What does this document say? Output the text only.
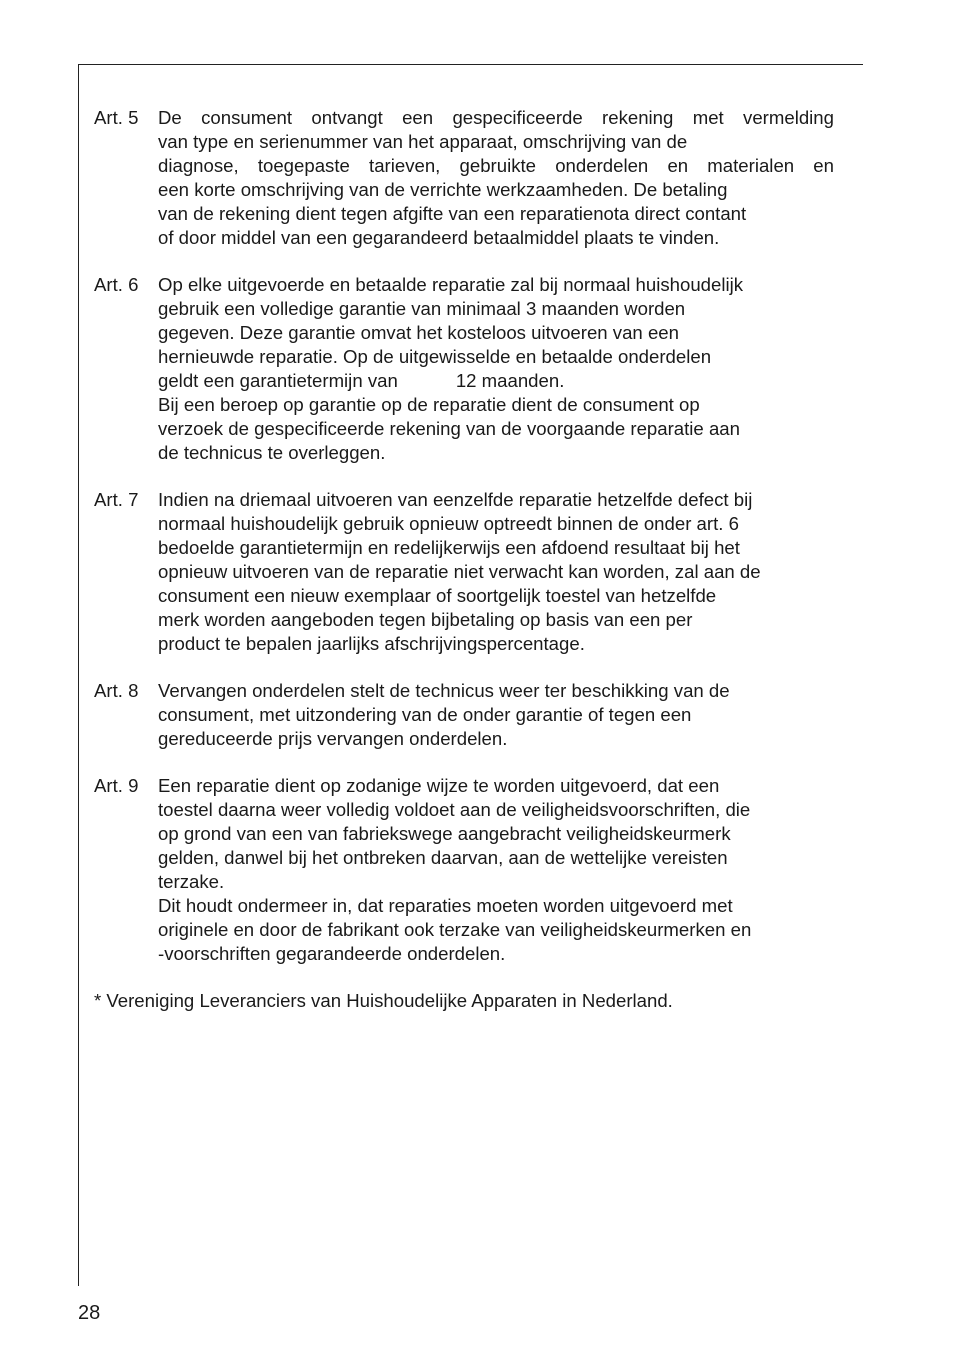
Art. 5 De consument ontvangt een gespecificeerde rekening met vermelding
van type en serienummer van het apparaat, omschrijving van de
diagnose, toegepaste tarieven, gebruikte onderdelen en materialen en
een korte omschrijving van de verrichte werkzaamheden. De betaling
van de rekening dient tegen afgifte van een reparatienota direct contant
of door middel van een gegarandeerd betaalmiddel plaats te vinden.
Art. 6 Op elke uitgevoerde en betaalde reparatie zal bij normaal huishoudelijk
gebruik een volledige garantie van minimaal 3 maanden worden
gegeven. Deze garantie omvat het kosteloos uitvoeren van een
hernieuwde reparatie. Op de uitgewisselde en betaalde onderdelen
geldt een garantietermijn van	12 maanden.
Bij een beroep op garantie op de reparatie dient de consument op
verzoek de gespecificeerde rekening van de voorgaande reparatie aan
de technicus te overleggen.
Art. 7 Indien na driemaal uitvoeren van eenzelfde reparatie hetzelfde defect bij
normaal huishoudelijk gebruik opnieuw optreedt binnen de onder art. 6
bedoelde garantietermijn en redelijkerwijs een afdoend resultaat bij het
opnieuw uitvoeren van de reparatie niet verwacht kan worden, zal aan de
consument een nieuw exemplaar of soortgelijk toestel van hetzelfde
merk worden aangeboden tegen bijbetaling op basis van een per
product te bepalen jaarlijks afschrijvingspercentage.
Art. 8 Vervangen onderdelen stelt de technicus weer ter beschikking van de
consument, met uitzondering van de onder garantie of tegen een
gereduceerde prijs vervangen onderdelen.
Art. 9 Een reparatie dient op zodanige wijze te worden uitgevoerd, dat een
toestel daarna weer volledig voldoet aan de veiligheidsvoorschriften, die
op grond van een van fabriekswege aangebracht veiligheidskeurmerk
gelden, danwel bij het ontbreken daarvan, aan de wettelijke vereisten
terzake.
Dit houdt ondermeer in, dat reparaties moeten worden uitgevoerd met
originele en door de fabrikant ook terzake van veiligheidskeurmerken en
-voorschriften gegarandeerde onderdelen.
* Vereniging Leveranciers van Huishoudelijke Apparaten in Nederland.
28
